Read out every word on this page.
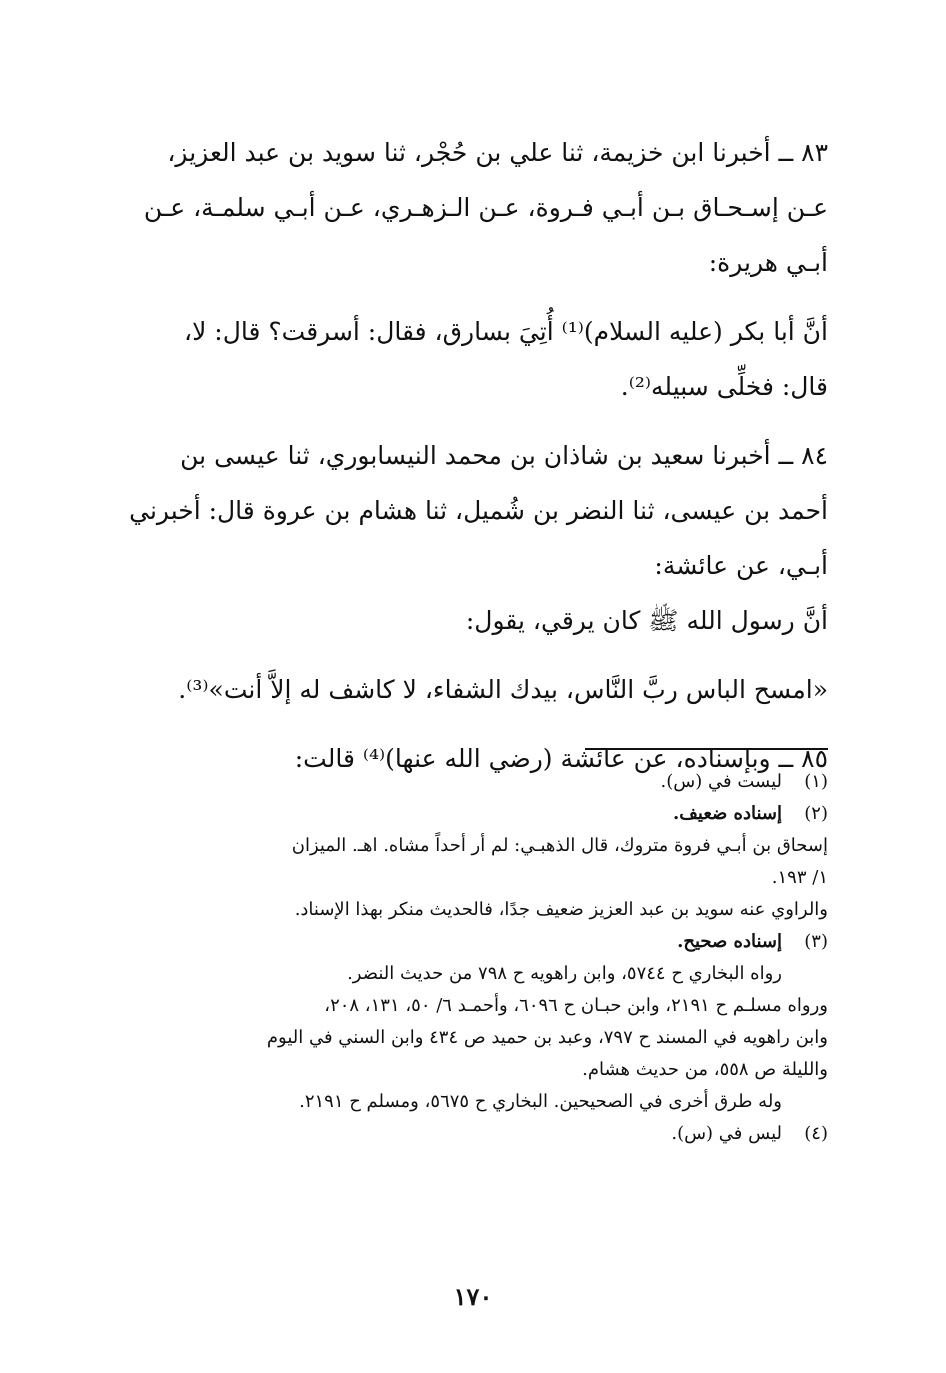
٨٣ ــ أخبرنا ابن خزيمة، ثنا علي بن حُجْر، ثنا سويد بن عبد العزيز،

عـن إسـحـاق بـن أبـي فـروة، عـن الـزهـري، عـن أبـي سلمـة، عـن

أبـي هريرة:

أنَّ أبا بكر (عليه السلام)⁽¹⁾ أُتِيَ بسارق، فقال: أسرقت؟ قال: لا،

قال: فخلِّى سبيله⁽²⁾.

٨٤ ــ أخبرنا سعيد بن شاذان بن محمد النيسابوري، ثنا عيسى بن

أحمد بن عيسى، ثنا النضر بن شُميل، ثنا هشام بن عروة قال: أخبرني

أبـي، عن عائشة:

أنَّ رسول الله ﷺ كان يرقي، يقول:

«امسح الباس ربَّ النَّاس، بيدك الشفاء، لا كاشف له إلاَّ أنت»⁽³⁾.

٨٥ ــ وبإسناده، عن عائشة (رضي الله عنها)⁽⁴⁾ قالت:

(١)ليست في (س).

(٢)إسناده ضعيف.

إسحاق بن أبـي فروة متروك، قال الذهبـي: لم أر أحداً مشاه. اهـ. الميزان

١/ ١٩٣.

والراوي عنه سويد بن عبد العزيز ضعيف جدًا، فالحديث منكر بهذا الإسناد.

(٣)إسناده صحيح.

رواه البخاري ح ٥٧٤٤، وابن راهويه ح ٧٩٨ من حديث النضر.

ورواه مسلـم ح ٢١٩١، وابن حبـان ح ٦٠٩٦، وأحمـد ٦/ ٥٠، ١٣١، ٢٠٨،

وابن راهويه في المسند ح ٧٩٧، وعبد بن حميد ص ٤٣٤ وابن السني في اليوم

والليلة ص ٥٥٨، من حديث هشام.

وله طرق أخرى في الصحيحين. البخاري ح ٥٦٧٥، ومسلم ح ٢١٩١.

(٤)ليس في (س).

١٧٠
